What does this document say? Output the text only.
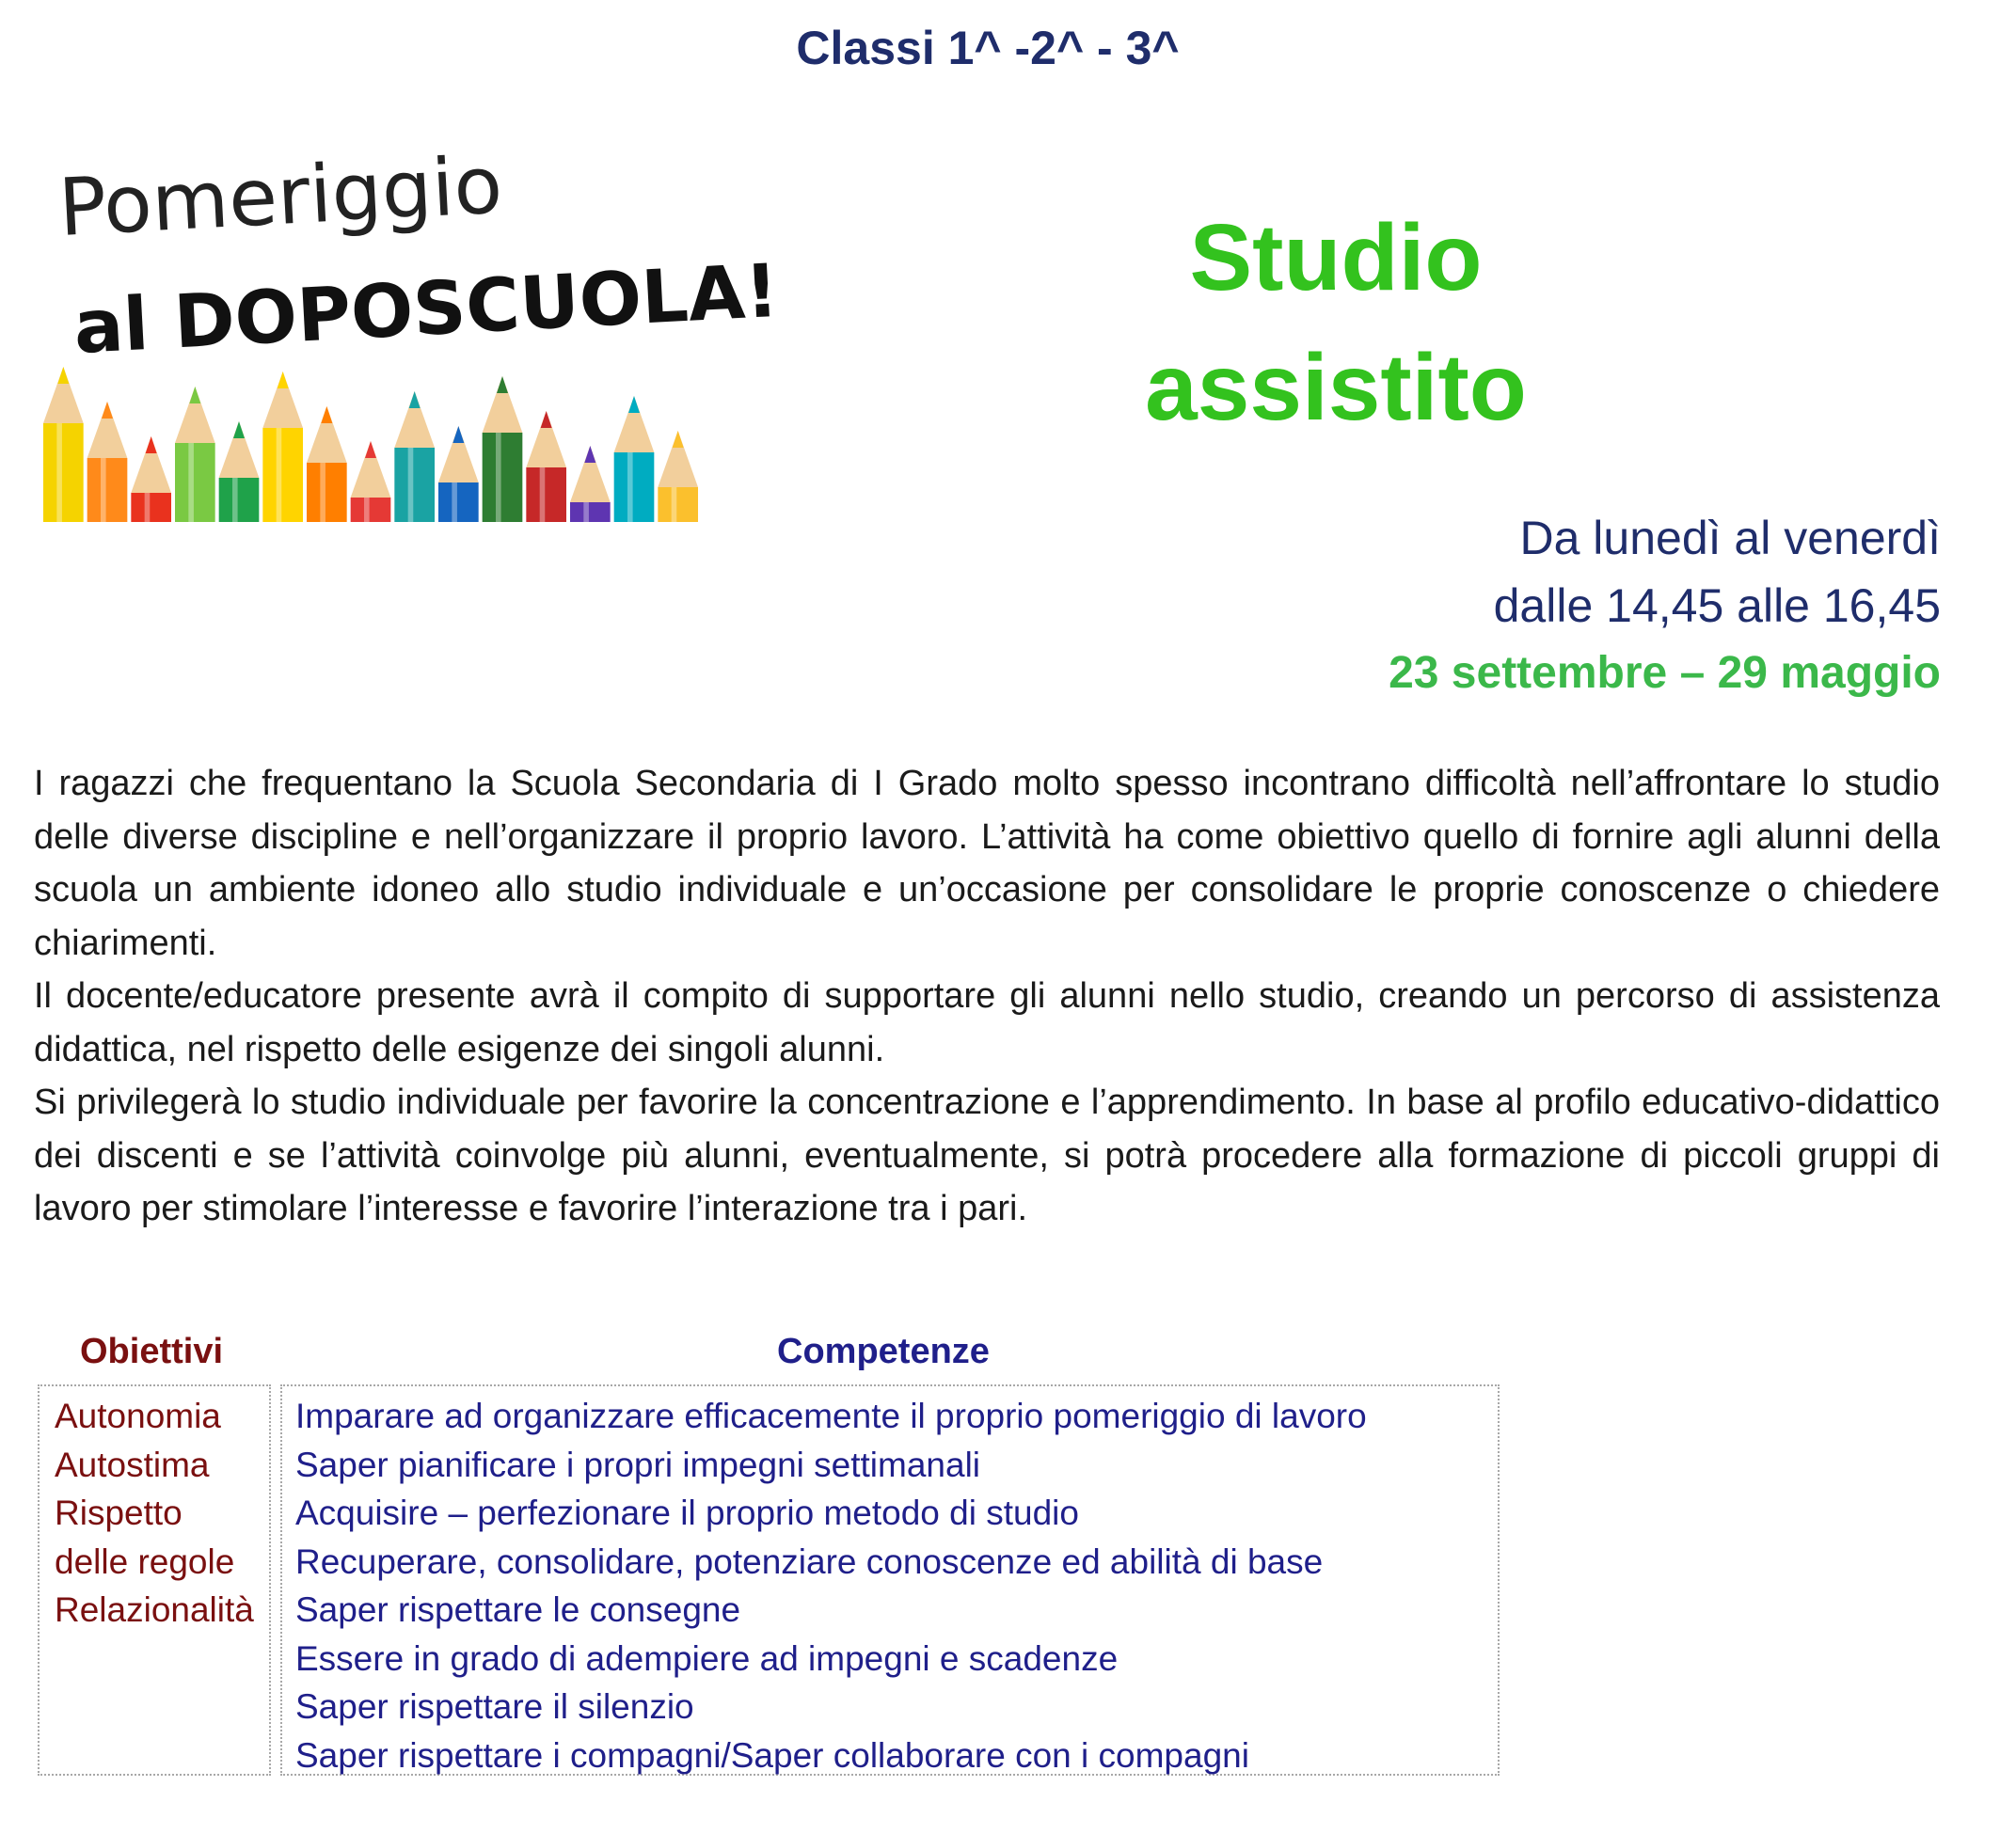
Classi 1^ -2^ - 3^
Pomeriggio
al DOPOSCUOLA!	Studio
assistito
Da lunedì al venerdì
dalle 14,45 alle 16,45
23 settembre – 29 maggio

I ragazzi che frequentano la Scuola Secondaria di I Grado molto spesso incontrano difficoltà nell’affrontare lo studio delle diverse discipline e nell’organizzare il proprio lavoro. L’attività ha come obiettivo quello di fornire agli alunni della scuola un ambiente idoneo allo studio individuale e un’occasione per consolidare le proprie conoscenze o chiedere chiarimenti.

Il docente/educatore presente avrà il compito di supportare gli alunni nello studio, creando un percorso di assistenza didattica, nel rispetto delle esigenze dei singoli alunni.

Si privilegerà lo studio individuale per favorire la concentrazione e l’apprendimento. In base al profilo educativo-didattico dei discenti e se l’attività coinvolge più alunni, eventualmente, si potrà procedere alla formazione di piccoli gruppi di lavoro per stimolare l’interesse e favorire l’interazione tra i pari.

Obiettivi	Competenze
Autonomia
Autostima
Rispetto
delle regole
Relazionalità
Imparare ad organizzare efficacemente il proprio pomeriggio di lavoro
Saper pianificare i propri impegni settimanali
Acquisire – perfezionare il proprio metodo di studio
Recuperare, consolidare, potenziare conoscenze ed abilità di base
Saper rispettare le consegne
Essere in grado di adempiere ad impegni e scadenze
Saper rispettare il silenzio
Saper rispettare i compagni/Saper collaborare con i compagni
